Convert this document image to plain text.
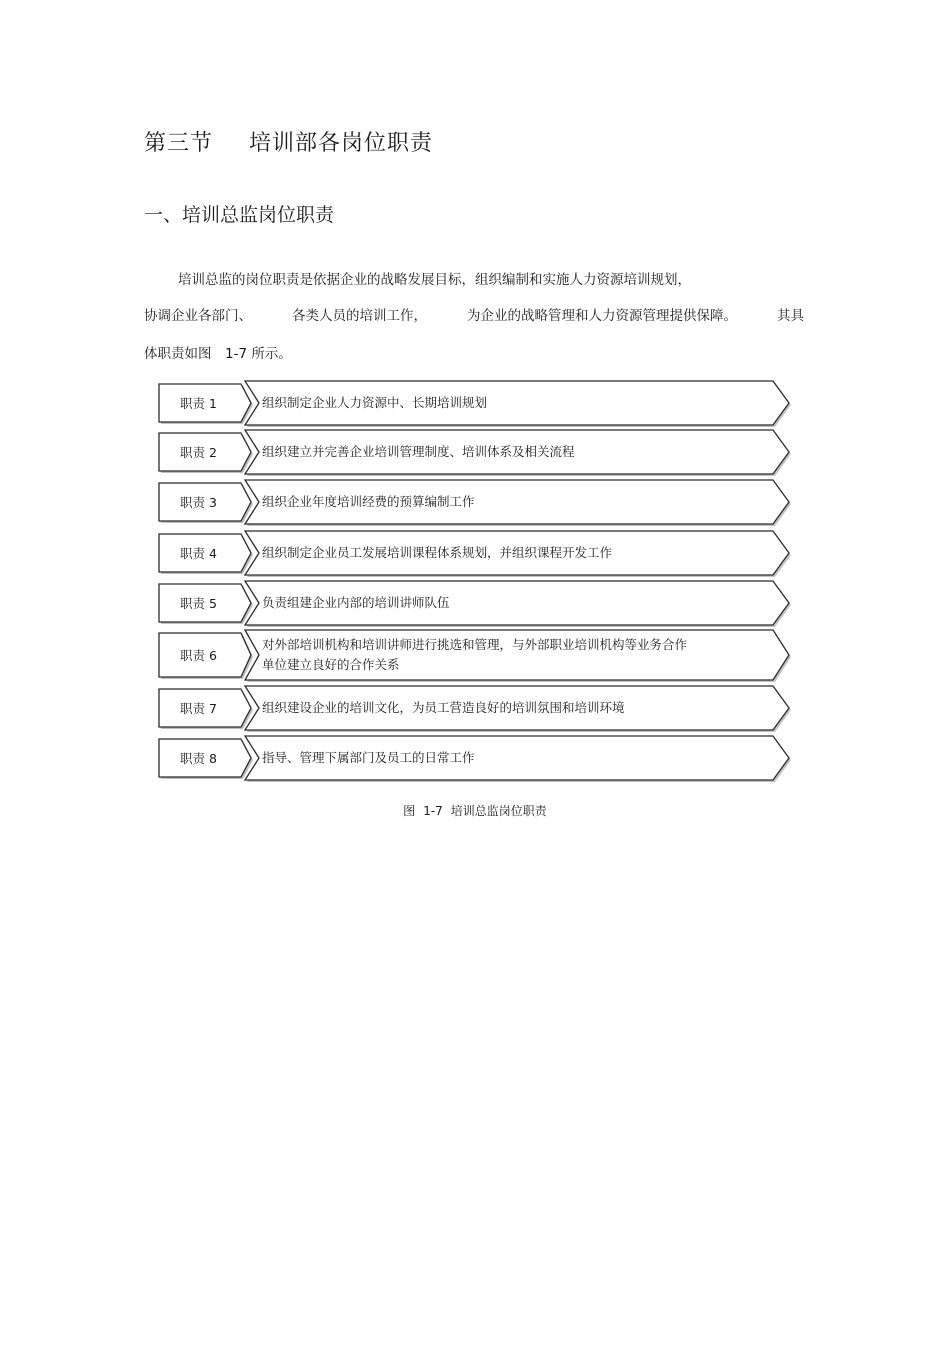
第三节 培训部各岗位职责
一、培训总监岗位职责
培训总监的岗位职责是依据企业的战略发展目标，组织编制和实施人力资源培训规划，
协调企业各部门、	各类人员的培训工作，	为企业的战略管理和人力资源管理提供保障。	其具
体职责如图　1-7 所示。
职责 1	组织制定企业人力资源中、长期培训规划
职责 2	组织建立并完善企业培训管理制度、培训体系及相关流程
职责 3	组织企业年度培训经费的预算编制工作
职责 4	组织制定企业员工发展培训课程体系规划，并组织课程开发工作
职责 5	负责组建企业内部的培训讲师队伍
职责 6
对外部培训机构和培训讲师进行挑选和管理，与外部职业培训机构等业务合作
单位建立良好的合作关系
职责 7	组织建设企业的培训文化，为员工营造良好的培训氛围和培训环境
职责 8	指导、管理下属部门及员工的日常工作
图 1-7 培训总监岗位职责
